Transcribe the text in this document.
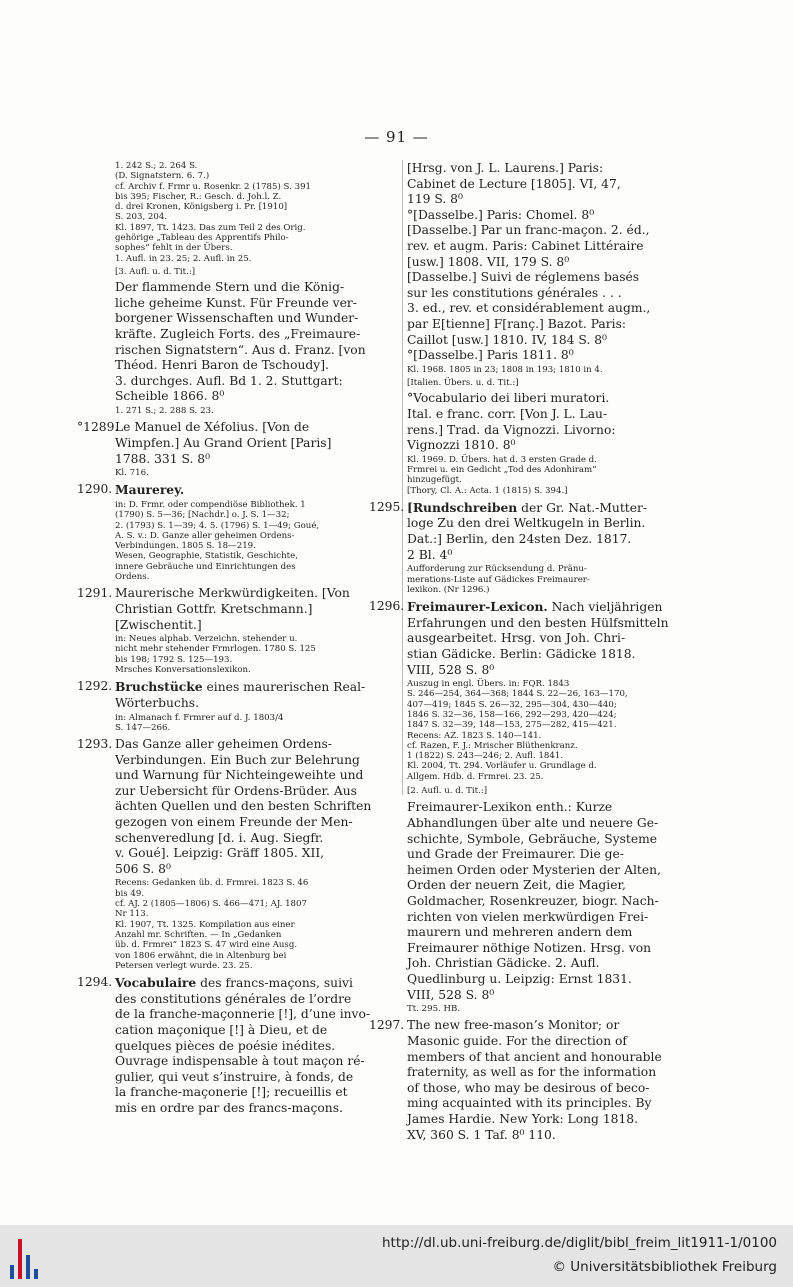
— 91 —
1. 242 S.; 2. 264 S.
(D. Signatstern. 6. 7.)
cf. Archiv f. Frmr u. Rosenkr. 2 (1785) S. 391
bis 395; Fischer, R.: Gesch. d. Joh.l. Z.
d. drei Kronen, Königsberg i. Pr. [1910]
S. 203, 204.
Kl. 1897, Tt. 1423. Das zum Teil 2 des Orig.
gehörige „Tableau des Apprentifs Philo-
sophes“ fehlt in der Übers.
1. Aufl. in 23. 25; 2. Aufl. in 25.
[3. Aufl. u. d. Tit.:]
Der flammende Stern und die König-
liche geheime Kunst. Für Freunde ver-
borgener Wissenschaften und Wunder-
kräfte. Zugleich Forts. des „Freimaure-
rischen Signatstern“. Aus d. Franz. [von
Théod. Henri Baron de Tschoudy].
3. durchges. Aufl. Bd 1. 2. Stuttgart:
Scheible 1866. 8⁰
1. 271 S.; 2. 288 S. 23.
°1289.
Le Manuel de Xéfolius. [Von de
Wimpfen.] Au Grand Orient [Paris]
1788. 331 S. 8⁰
Kl. 716.
1290. Maurerey.
in: D. Frmr. oder compendiöse Bibliothek. 1
(1790) S. 5—36; [Nachdr.] o. J. S. 1—32;
2. (1793) S. 1—39; 4. 5. (1796) S. 1—49; Goué,
A. S. v.: D. Ganze aller geheimen Ordens-
Verbindungen. 1805 S. 18—219.
Wesen, Geographie, Statistik, Geschichte,
innere Gebräuche und Einrichtungen des
Ordens.
1291. Maurerische Merkwürdigkeiten. [Von
Christian Gottfr. Kretschmann.]
[Zwischentit.]
in: Neues alphab. Verzeichn. stehender u.
nicht mehr stehender Frmrlogen. 1780 S. 125
bis 198; 1792 S. 125—193.
Mrsches Konversationslexikon.
1292. Bruchstücke eines maurerischen Real-
Wörterbuchs.
in: Almanach f. Frmrer auf d. J. 1803/4
S. 147—266.
1293. Das Ganze aller geheimen Ordens-
Verbindungen. Ein Buch zur Belehrung
und Warnung für Nichteingeweihte und
zur Uebersicht für Ordens-Brüder. Aus
ächten Quellen und den besten Schriften
gezogen von einem Freunde der Men-
schenveredlung [d. i. Aug. Siegfr.
v. Goué]. Leipzig: Gräff 1805. XII,
506 S. 8⁰
Recens: Gedanken üb. d. Frmrei. 1823 S. 46
bis 49.
cf. AJ. 2 (1805—1806) S. 466—471; AJ. 1807
Nr 113.
Kl. 1907, Tt. 1325. Kompilation aus einer
Anzahl mr. Schriften. — In „Gedanken
üb. d. Frmrei“ 1823 S. 47 wird eine Ausg.
von 1806 erwähnt, die in Altenburg bei
Petersen verlegt wurde. 23. 25.
1294. Vocabulaire des francs-maçons, suivi
des constitutions générales de l’ordre
de la franche-maçonnerie [!], d’une invo-
cation maçonique [!] à Dieu, et de
quelques pièces de poésie inédites.
Ouvrage indispensable à tout maçon ré-
gulier, qui veut s’instruire, à fonds, de
la franche-maçonerie [!]; recueillis et
mis en ordre par des francs-maçons.
[Hrsg. von J. L. Laurens.] Paris:
Cabinet de Lecture [1805]. VI, 47,
119 S. 8⁰
°[Dasselbe.] Paris: Chomel. 8⁰
[Dasselbe.] Par un franc-maçon. 2. éd.,
rev. et augm. Paris: Cabinet Littéraire
[usw.] 1808. VII, 179 S. 8⁰
[Dasselbe.] Suivi de réglemens basés
sur les constitutions générales . . .
3. ed., rev. et considérablement augm.,
par E[tienne] F[ranç.] Bazot. Paris:
Caillot [usw.] 1810. IV, 184 S. 8⁰
°[Dasselbe.] Paris 1811. 8⁰
Kl. 1968. 1805 in 23; 1808 in 193; 1810 in 4.
[Italien. Übers. u. d. Tit.:]
°Vocabulario dei liberi muratori.
Ital. e franc. corr. [Von J. L. Lau-
rens.] Trad. da Vignozzi. Livorno:
Vignozzi 1810. 8⁰
Kl. 1969. D. Übers. hat d. 3 ersten Grade d.
Frmrei u. ein Gedicht „Tod des Adonhiram“
hinzugefügt.
[Thory, Cl. A.: Acta. 1 (1815) S. 394.]
1295. [Rundschreiben der Gr. Nat.-Mutter-
loge Zu den drei Weltkugeln in Berlin.
Dat.:] Berlin, den 24sten Dez. 1817.
2 Bl. 4⁰
Aufforderung zur Rücksendung d. Pränu-
merations-Liste auf Gädickes Freimaurer-
lexikon. (Nr 1296.)
1296. Freimaurer-Lexicon. Nach vieljährigen
Erfahrungen und den besten Hülfsmitteln
ausgearbeitet. Hrsg. von Joh. Chri-
stian Gädicke. Berlin: Gädicke 1818.
VIII, 528 S. 8⁰
Auszug in engl. Übers. in: FQR. 1843
S. 246—254, 364—368; 1844 S. 22—26, 163—170,
407—419; 1845 S. 26—32, 295—304, 430—440;
1846 S. 32—36, 158—166, 292—293, 420—424;
1847 S. 32—39, 148—153, 275—282, 415—421.
Recens: AZ. 1823 S. 140—141.
cf. Razen, F. J.: Mrischer Blüthenkranz.
1 (1822) S. 243—246; 2. Aufl. 1841.
Kl. 2004, Tt. 294. Vorläufer u. Grundlage d.
Allgem. Hdb. d. Frmrei. 23. 25.
[2. Aufl. u. d. Tit.:]
Freimaurer-Lexikon enth.: Kurze
Abhandlungen über alte und neuere Ge-
schichte, Symbole, Gebräuche, Systeme
und Grade der Freimaurer. Die ge-
heimen Orden oder Mysterien der Alten,
Orden der neuern Zeit, die Magier,
Goldmacher, Rosenkreuzer, biogr. Nach-
richten von vielen merkwürdigen Frei-
maurern und mehreren andern dem
Freimaurer nöthige Notizen. Hrsg. von
Joh. Christian Gädicke. 2. Aufl.
Quedlinburg u. Leipzig: Ernst 1831.
VIII, 528 S. 8⁰
Tt. 295. HB.
1297. The new free-mason’s Monitor; or
Masonic guide. For the direction of
members of that ancient and honourable
fraternity, as well as for the information
of those, who may be desirous of beco-
ming acquainted with its principles. By
James Hardie. New York: Long 1818.
XV, 360 S. 1 Taf. 8⁰ 110.
http://dl.ub.uni-freiburg.de/diglit/bibl_freim_lit1911-1/0100
© Universitätsbibliothek Freiburg
